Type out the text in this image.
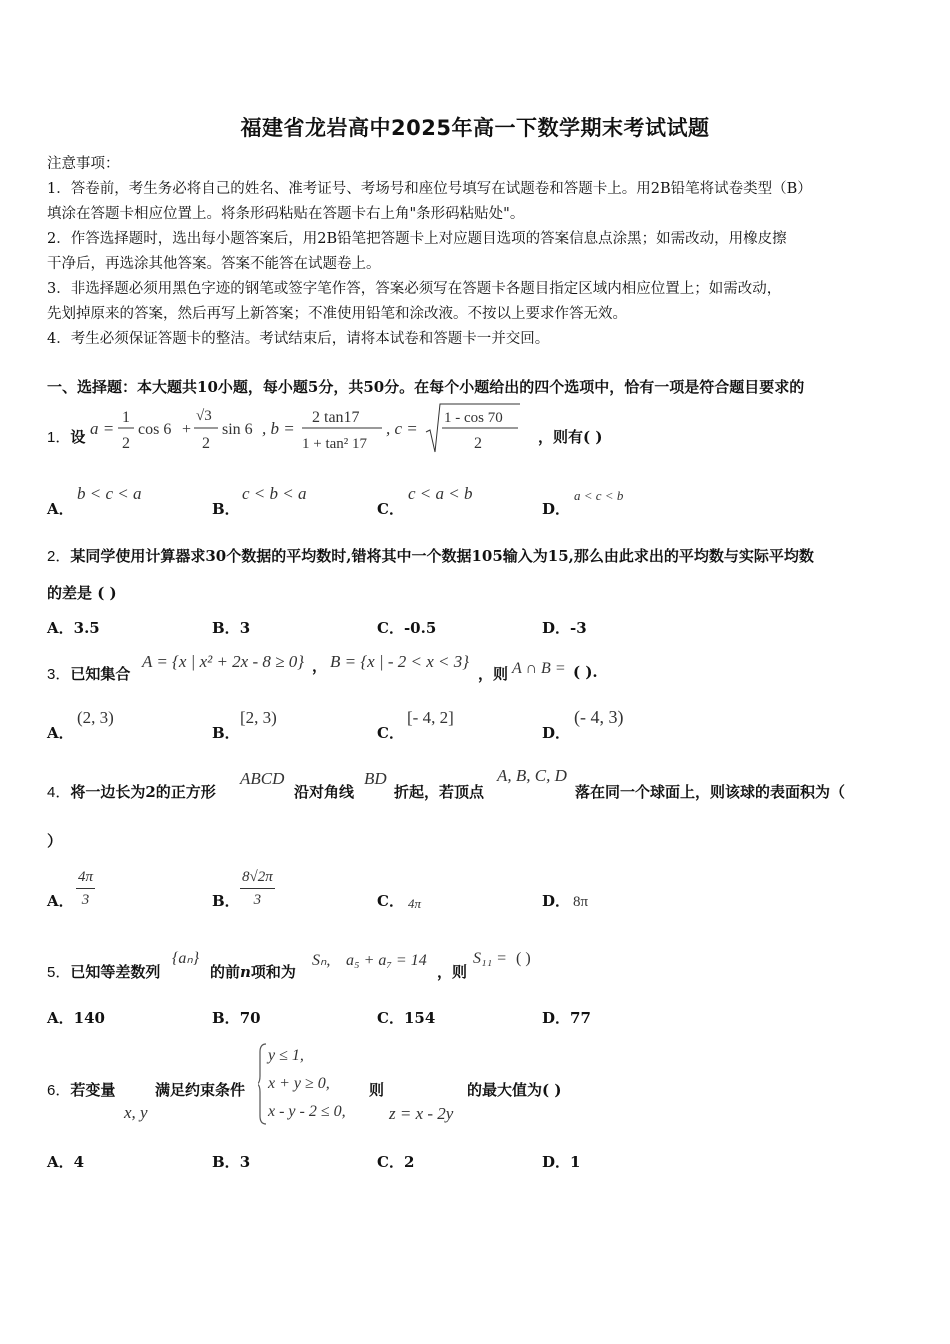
福建省龙岩高中2025年高一下数学期末考试试题
注意事项：
1．答卷前，考生务必将自己的姓名、准考证号、考场号和座位号填写在试题卷和答题卡上。用2B铅笔将试卷类型（B）
填涂在答题卡相应位置上。将条形码粘贴在答题卡右上角"条形码粘贴处"。
2．作答选择题时，选出每小题答案后，用2B铅笔把答题卡上对应题目选项的答案信息点涂黑；如需改动，用橡皮擦
干净后，再选涂其他答案。答案不能答在试题卷上。
3．非选择题必须用黑色字迹的钢笔或签字笔作答，答案必须写在答题卡各题目指定区域内相应位置上；如需改动，
先划掉原来的答案，然后再写上新答案；不准使用铅笔和涂改液。不按以上要求作答无效。
4．考生必须保证答题卡的整洁。考试结束后，请将本试卷和答题卡一并交回。
一、选择题：本大题共10小题，每小题5分，共50分。在每个小题给出的四个选项中，恰有一项是符合题目要求的
1．设 a =
1
2
cos 6 +
√3
2
sin 6 , b =
2 tan17
1 + tan² 17
, c =
1 - cos 70
2	，则有( )
A．
b < c < a
B．
c < b < a
C．
c < a < b
D．
a < c < b
2．某同学使用计算器求30个数据的平均数时,错将其中一个数据105输入为15,那么由此求出的平均数与实际平均数
的差是 ( )
A．3.5	B．3	C．-0.5	D．-3
3．已知集合
A = {x | x² + 2x - 8 ≥ 0} ， B = {x | - 2 < x < 3}
，则 A ∩ B = ( ).
A．
(2, 3)
B．
[2, 3)
C．
[- 4, 2]
D．
(- 4, 3)
4．将一边长为2的正方形
ABCD
沿对角线
BD
折起，若顶点
A, B, C, D
落在同一个球面上，则该球的表面积为（
）
A． $\frac{4\pi}{3}$	B． $\frac{8√2\pi}{3}$	C． 4π	D． 8π
5．已知等差数列
{aₙ}
的前n项和为
Sₙ, a₅ + a₇ = 14
，则
S₁₁ = ( )
A．140	B．70	C．154	D．77
6．若变量
x, y
满足约束条件
y ≤ 1,
x + y ≥ 0,
x - y - 2 ≤ 0,
则
z = x - 2y
的最大值为( )
A．4	B．3	C．2	D．1
